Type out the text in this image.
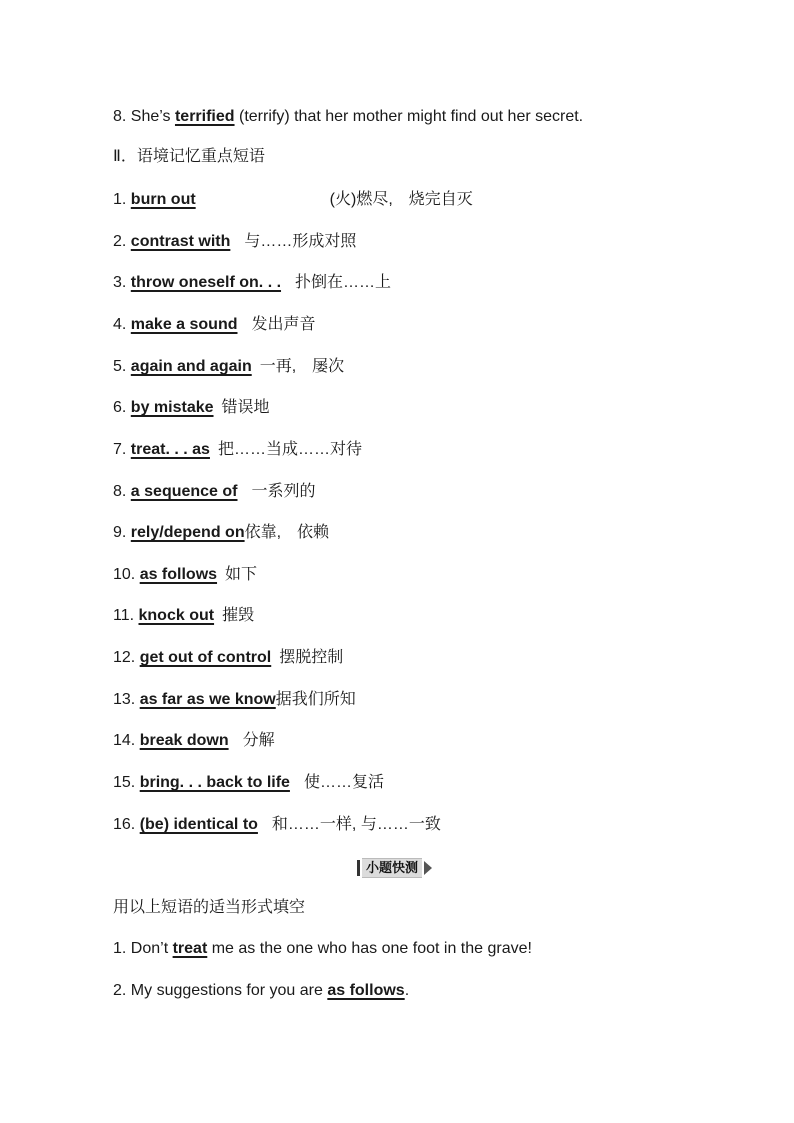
8. She’s terrified (terrify) that her mother might find out her secret.
Ⅱ．语境记忆重点短语
1. burn out	(火)燃尽,　烧完自灭
2. contrast with 与……形成对照
3. throw oneself on. . . 扑倒在……上
4. make a sound 发出声音
5. again and again 一再,　屡次
6. by mistake 错误地
7. treat. . . as 把……当成……对待
8. a sequence of 一系列的
9. rely/depend on依靠,　依赖
10. as follows 如下
11. knock out 摧毁
12. get out of control 摆脱控制
13. as far as we know据我们所知
14. break down 分解
15. bring. . . back to life 使……复活
16. (be) identical to 和……一样, 与……一致
小题快测
用以上短语的适当形式填空
1. Don’t treat me as the one who has one foot in the grave!
2. My suggestions for you are as follows.
